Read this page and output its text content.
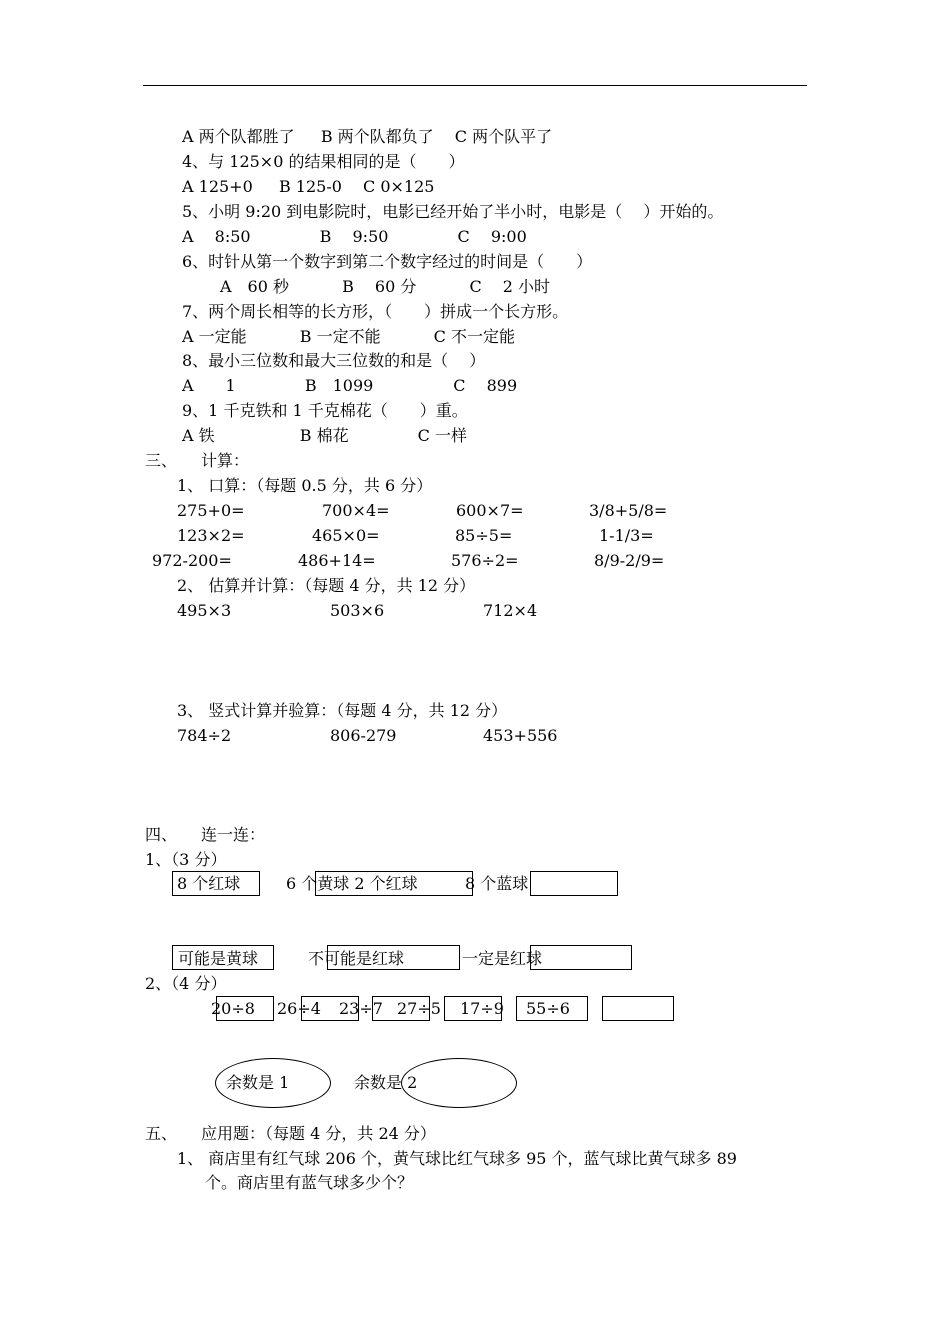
A 两个队都胜了 　 B 两个队都负了　 C 两个队平了
4、与 125×0 的结果相同的是（　　）
A 125+0 　 B 125-0 　C 0×125
5、小明 9:20 到电影院时，电影已经开始了半小时，电影是（　 ）开始的。
A　 8:50　　　　 B　 9:50　　　　 C　 9:00
6、时针从第一个数字到第二个数字经过的时间是（　　）
A　60 秒　　　 B　 60 分　　　 C　 2 小时
7、两个周长相等的长方形，（　　）拼成一个长方形。
A 一定能　　　 B 一定不能　　　 C 不一定能
8、最小三位数和最大三位数的和是（　 ）
A　　1　　　　 B　1099　　　　　C　 899
9、1 千克铁和 1 千克棉花（　　）重。
A 铁　　　　　 B 棉花　　　　 C 一样
三、　　计算：
1、 口算：（每题 0.5 分，共 6 分）
275+0=	700×4=	600×7=	3/8+5/8=
123×2=	465×0=	85÷5=	1-1/3=
972-200=	486+14=	576÷2=	8/9-2/9=
2、 估算并计算：（每题 4 分，共 12 分）
495×3	503×6	712×4
3、 竖式计算并验算：（每题 4 分，共 12 分）
784÷2	806-279	453+556
四、　　连一连：
1、（3 分）
8 个红球	6 个黄球 2 个红球	8 个蓝球
可能是黄球	不可能是红球	一定是红球
2、（4 分）
20÷8 26÷4 23÷7 27÷5 17÷9 55÷6
余数是 1	余数是 2
五、　　应用题：（每题 4 分，共 24 分）
1、 商店里有红气球 206 个，黄气球比红气球多 95 个，蓝气球比黄气球多 89
个。商店里有蓝气球多少个？
